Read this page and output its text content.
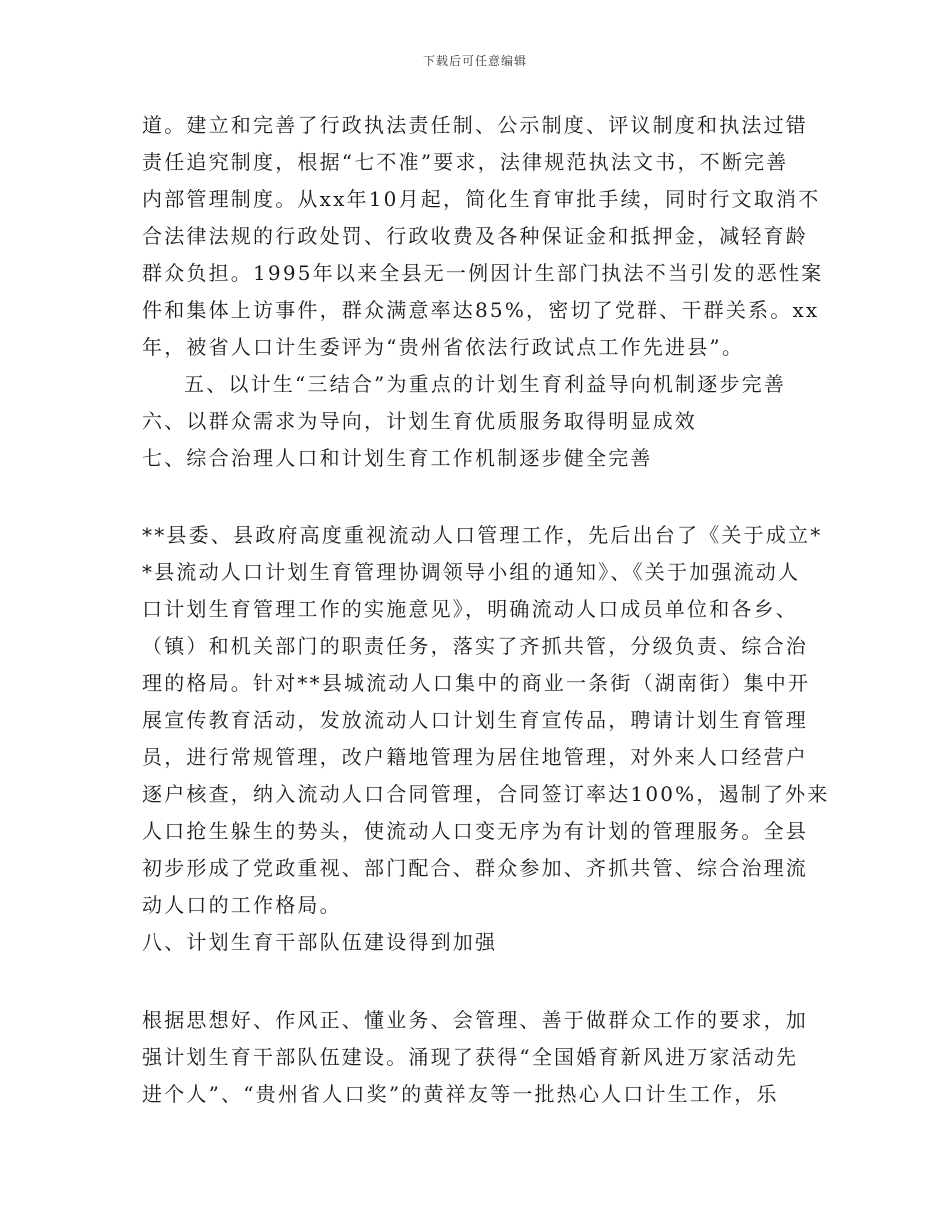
下载后可任意编辑
道。建立和完善了行政执法责任制、公示制度、评议制度和执法过错
责任追究制度，根据“七不准”要求，法律规范执法文书，不断完善
内部管理制度。从xx年10月起，简化生育审批手续，同时行文取消不
合法律法规的行政处罚、行政收费及各种保证金和抵押金，减轻育龄
群众负担。1995年以来全县无一例因计生部门执法不当引发的恶性案
件和集体上访事件，群众满意率达85%，密切了党群、干群关系。xx
年，被省人口计生委评为“贵州省依法行政试点工作先进县”。
五、以计生“三结合”为重点的计划生育利益导向机制逐步完善
六、以群众需求为导向，计划生育优质服务取得明显成效
七、综合治理人口和计划生育工作机制逐步健全完善
**县委、县政府高度重视流动人口管理工作，先后出台了《关于成立*
*县流动人口计划生育管理协调领导小组的通知》、《关于加强流动人
口计划生育管理工作的实施意见》，明确流动人口成员单位和各乡、
（镇）和机关部门的职责任务，落实了齐抓共管，分级负责、综合治
理的格局。针对**县城流动人口集中的商业一条街（湖南街）集中开
展宣传教育活动，发放流动人口计划生育宣传品，聘请计划生育管理
员，进行常规管理，改户籍地管理为居住地管理，对外来人口经营户
逐户核查，纳入流动人口合同管理，合同签订率达100%，遏制了外来
人口抢生躲生的势头，使流动人口变无序为有计划的管理服务。全县
初步形成了党政重视、部门配合、群众参加、齐抓共管、综合治理流
动人口的工作格局。
八、计划生育干部队伍建设得到加强
根据思想好、作风正、懂业务、会管理、善于做群众工作的要求，加
强计划生育干部队伍建设。涌现了获得“全国婚育新风进万家活动先
进个人”、“贵州省人口奖”的黄祥友等一批热心人口计生工作，乐
